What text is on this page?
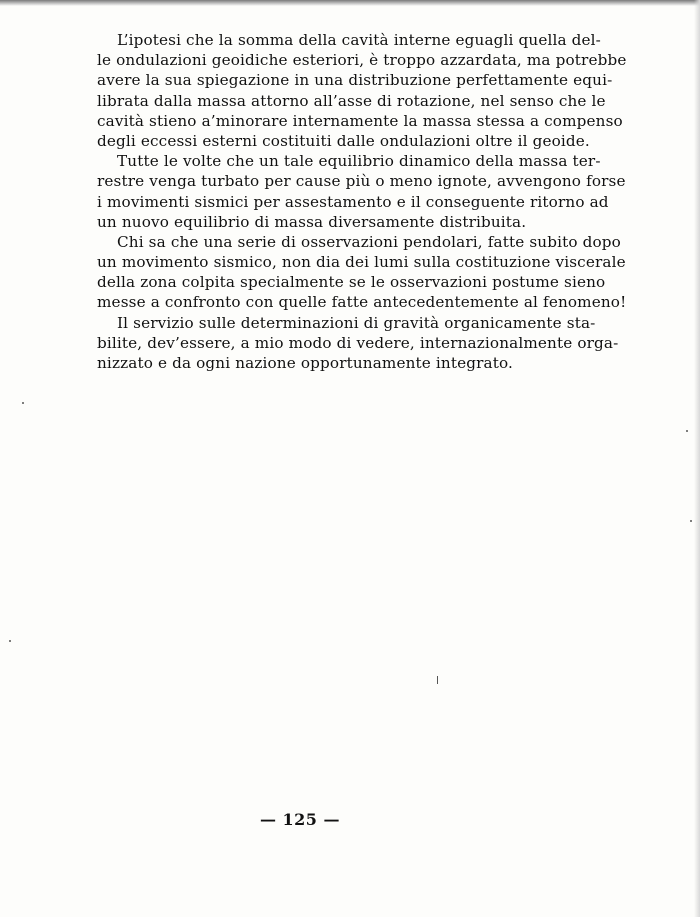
L’ipotesi che la somma della cavità interne eguagli quella del-
le ondulazioni geoidiche esteriori, è troppo azzardata, ma potrebbe
avere la sua spiegazione in una distribuzione perfettamente equi-
librata dalla massa attorno all’asse di rotazione, nel senso che le
cavità stieno a’minorare internamente la massa stessa a compenso
degli eccessi esterni costituiti dalle ondulazioni oltre il geoide.
Tutte le volte che un tale equilibrio dinamico della massa ter-
restre venga turbato per cause più o meno ignote, avvengono forse
i movimenti sismici per assestamento e il conseguente ritorno ad
un nuovo equilibrio di massa diversamente distribuita.
Chi sa che una serie di osservazioni pendolari, fatte subito dopo
un movimento sismico, non dia dei lumi sulla costituzione viscerale
della zona colpita specialmente se le osservazioni postume sieno
messe a confronto con quelle fatte antecedentemente al fenomeno!
Il servizio sulle determinazioni di gravità organicamente sta-
bilite, dev’essere, a mio modo di vedere, internazionalmente orga-
nizzato e da ogni nazione opportunamente integrato.
— 125 —
